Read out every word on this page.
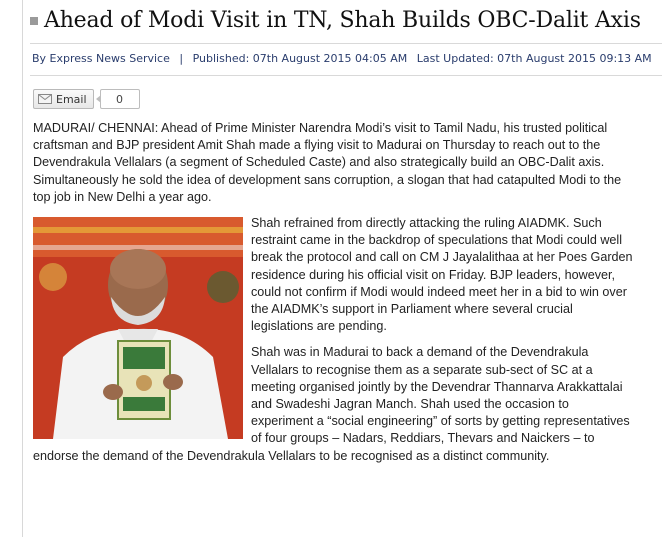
Ahead of Modi Visit in TN, Shah Builds OBC-Dalit Axis
By Express News Service | Published: 07th August 2015 04:05 AM Last Updated: 07th August 2015 09:13 AM
Email	0

MADURAI/ CHENNAI: Ahead of Prime Minister Narendra Modi’s visit to Tamil Nadu, his trusted political craftsman and BJP president Amit Shah made a flying visit to Madurai on Thursday to reach out to the Devendrakula Vellalars (a segment of Scheduled Caste) and also strategically build an OBC-Dalit axis. Simultaneously he sold the idea of development sans corruption, a slogan that had catapulted Modi to the top job in New Delhi a year ago.

Shah refrained from directly attacking the ruling AIADMK. Such restraint came in the backdrop of speculations that Modi could well break the protocol and call on CM J Jayalalithaa at her Poes Garden residence during his official visit on Friday. BJP leaders, however, could not confirm if Modi would indeed meet her in a bid to win over the AIADMK’s support in Parliament where several crucial legislations are pending.

Shah was in Madurai to back a demand of the Devendrakula Vellalars to recognise them as a separate sub-sect of SC at a meeting organised jointly by the Devendrar Thannarva Arakkattalai and Swadeshi Jagran Manch. Shah used the occasion to experiment a “social engineering” of sorts by getting representatives of four groups – Nadars, Reddiars, Thevars and Naickers – to endorse the demand of the Devendrakula Vellalars to be recognised as a distinct community.
